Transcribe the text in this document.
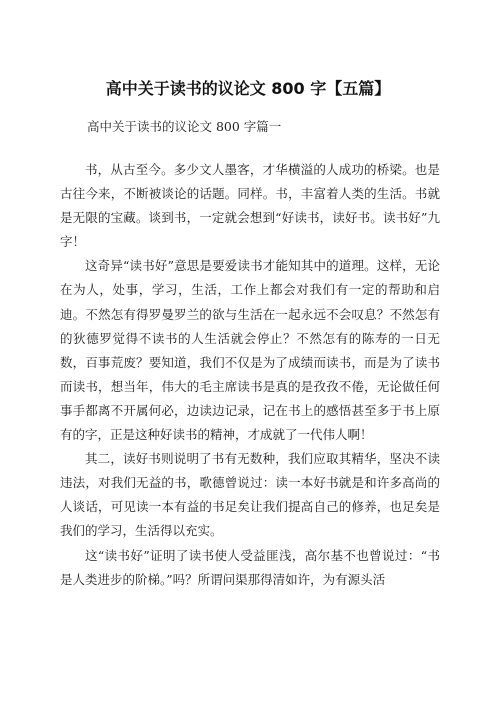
高中关于读书的议论文 800 字【五篇】
高中关于读书的议论文 800 字篇一

书，从古至今。多少文人墨客，才华横溢的人成功的桥梁。也是古往今来，不断被谈论的话题。同样。书，丰富着人类的生活。书就是无限的宝藏。谈到书，一定就会想到“好读书，读好书。读书好”九字！

这奇异“读书好”意思是要爱读书才能知其中的道理。这样，无论在为人，处事，学习，生活，工作上都会对我们有一定的帮助和启迪。不然怎有得罗曼罗兰的欲与生活在一起永远不会叹息？不然怎有的狄德罗觉得不读书的人生活就会停止？不然怎有的陈寿的一日无数，百事荒废？要知道，我们不仅是为了成绩而读书，而是为了读书而读书，想当年，伟大的毛主席读书是真的是孜孜不倦，无论做任何事手都离不开属何必，边读边记录，记在书上的感悟甚至多于书上原有的字，正是这种好读书的精神，才成就了一代伟人啊！

其二，读好书则说明了书有无数种，我们应取其精华，坚决不读违法，对我们无益的书，歌德曾说过：读一本好书就是和许多高尚的人谈话，可见读一本有益的书足矣让我们提高自己的修养，也足矣是我们的学习，生活得以充实。

这“读书好”证明了读书使人受益匪浅，高尔基不也曾说过：“书是人类进步的阶梯。”吗？所谓问渠那得清如许，为有源头活
